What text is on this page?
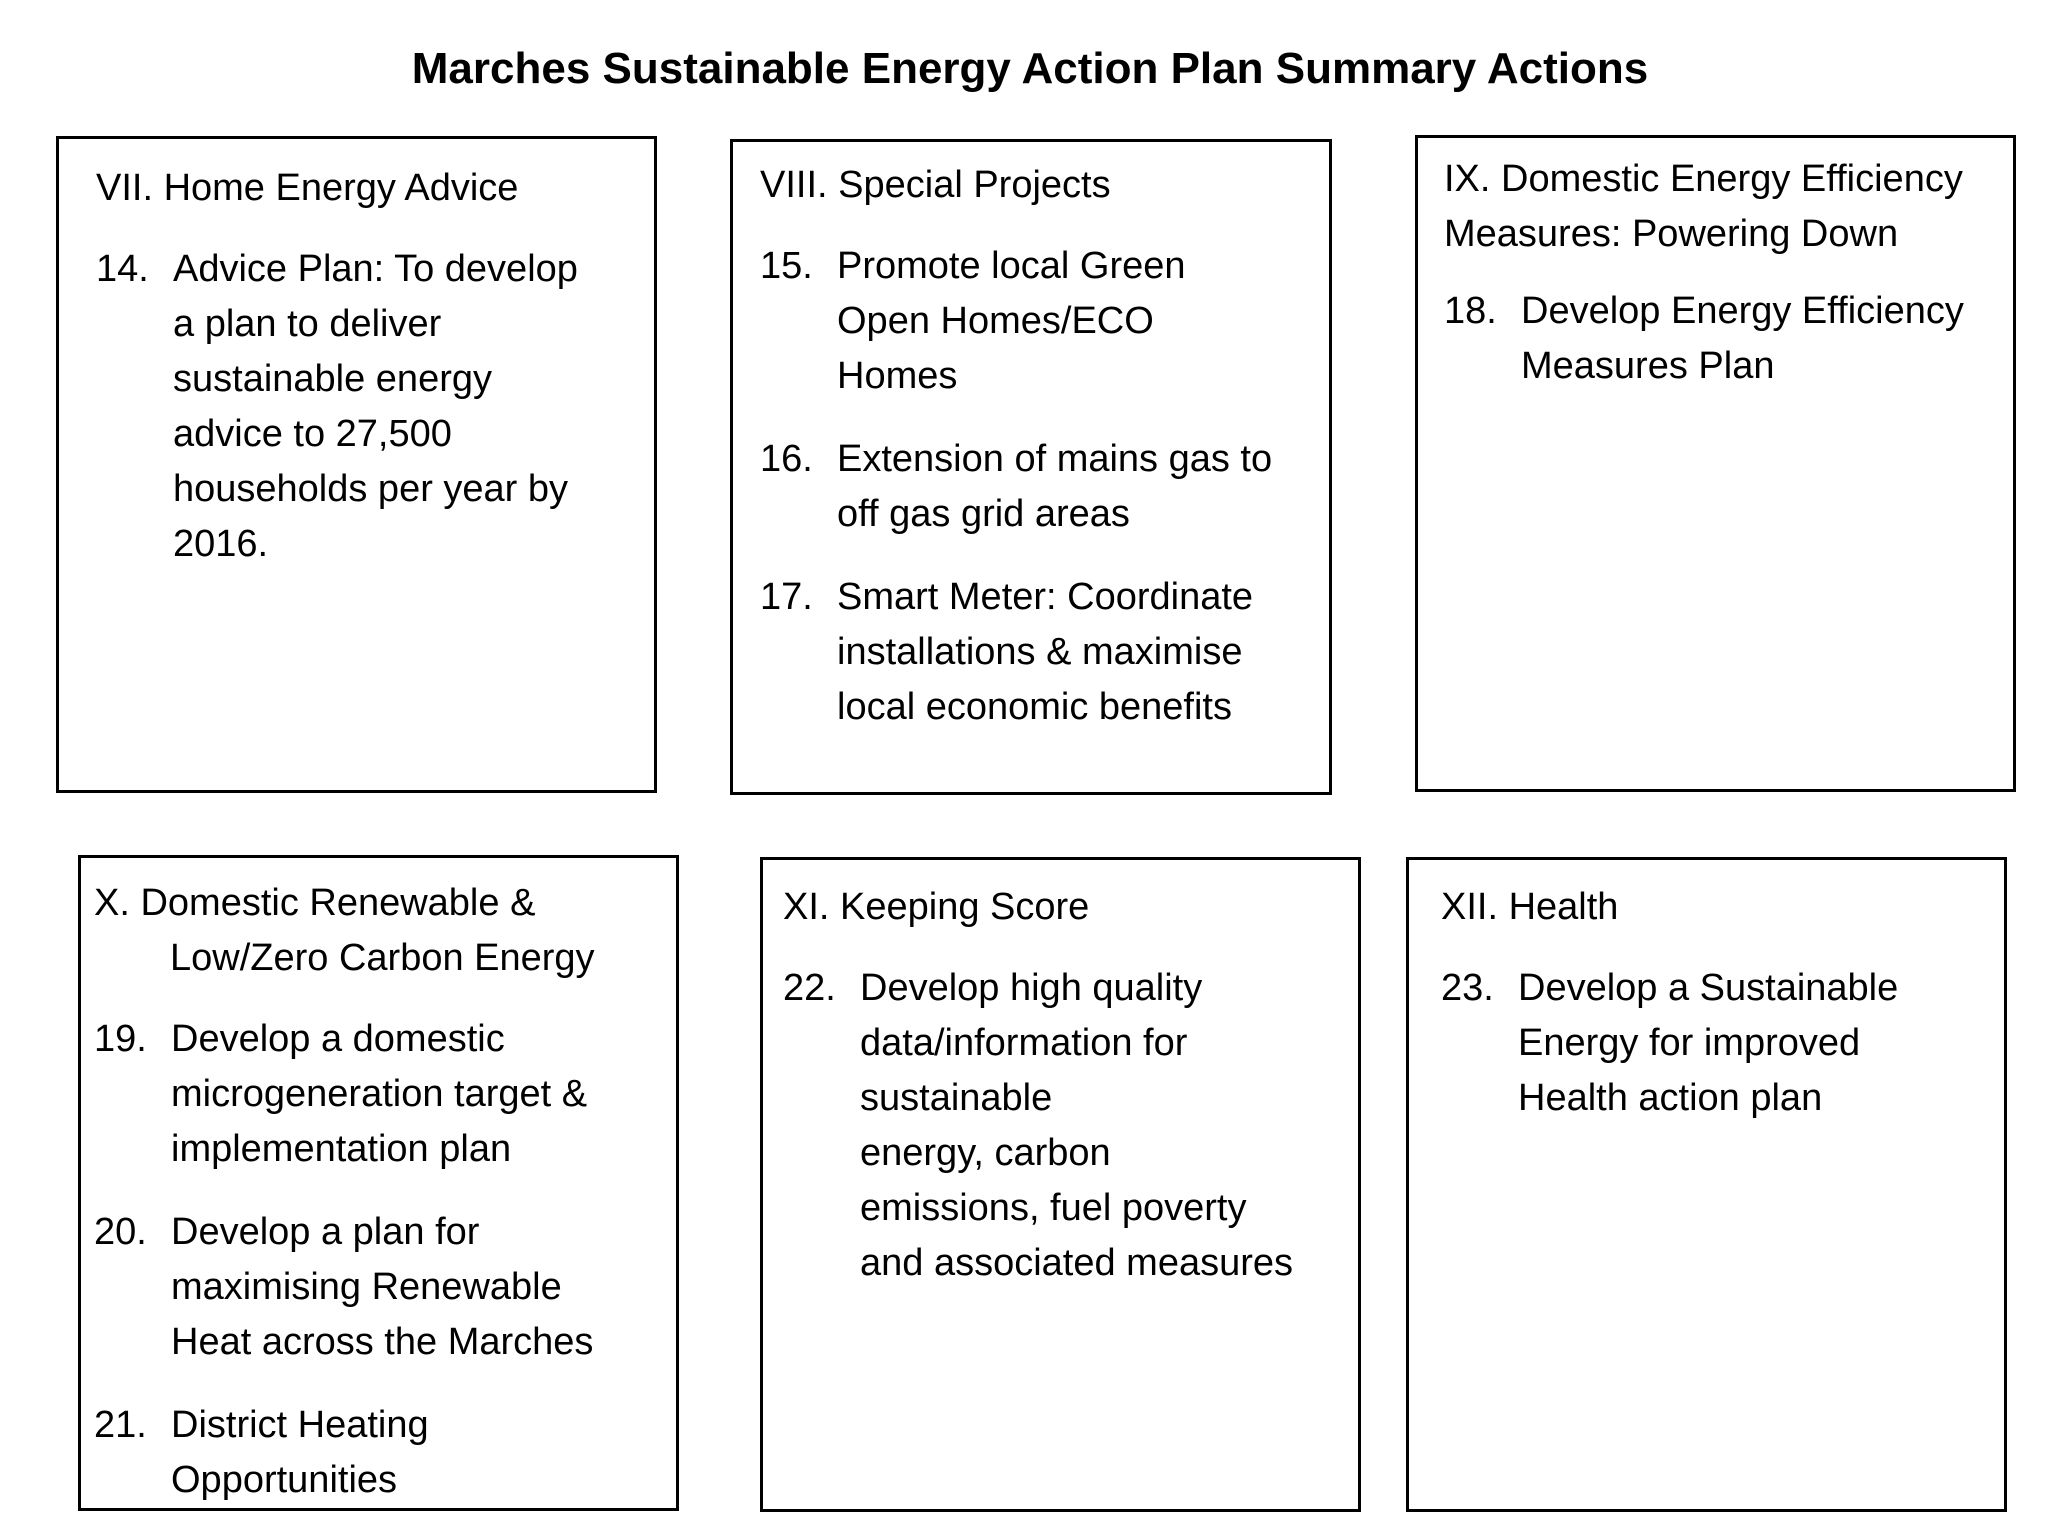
Marches Sustainable Energy Action Plan Summary Actions
VII. Home Energy Advice
14. Advice Plan: To develop
a plan to deliver
sustainable energy
advice to 27,500
households per year by
2016.
VIII. Special Projects
15. Promote local Green
Open Homes/ECO
Homes
16. Extension of mains gas to
off gas grid areas
17. Smart Meter: Coordinate
installations & maximise
local economic benefits
IX. Domestic Energy Efficiency
Measures: Powering Down
18. Develop Energy Efficiency
Measures Plan
X. Domestic Renewable &
Low/Zero Carbon Energy
19. Develop a domestic
microgeneration target &
implementation plan
20. Develop a plan for
maximising Renewable
Heat across the Marches
21. District Heating
Opportunities
XI. Keeping Score
22. Develop high quality
data/information for
sustainable
energy, carbon
emissions, fuel poverty
and associated measures
XII. Health
23. Develop a Sustainable
Energy for improved
Health action plan
